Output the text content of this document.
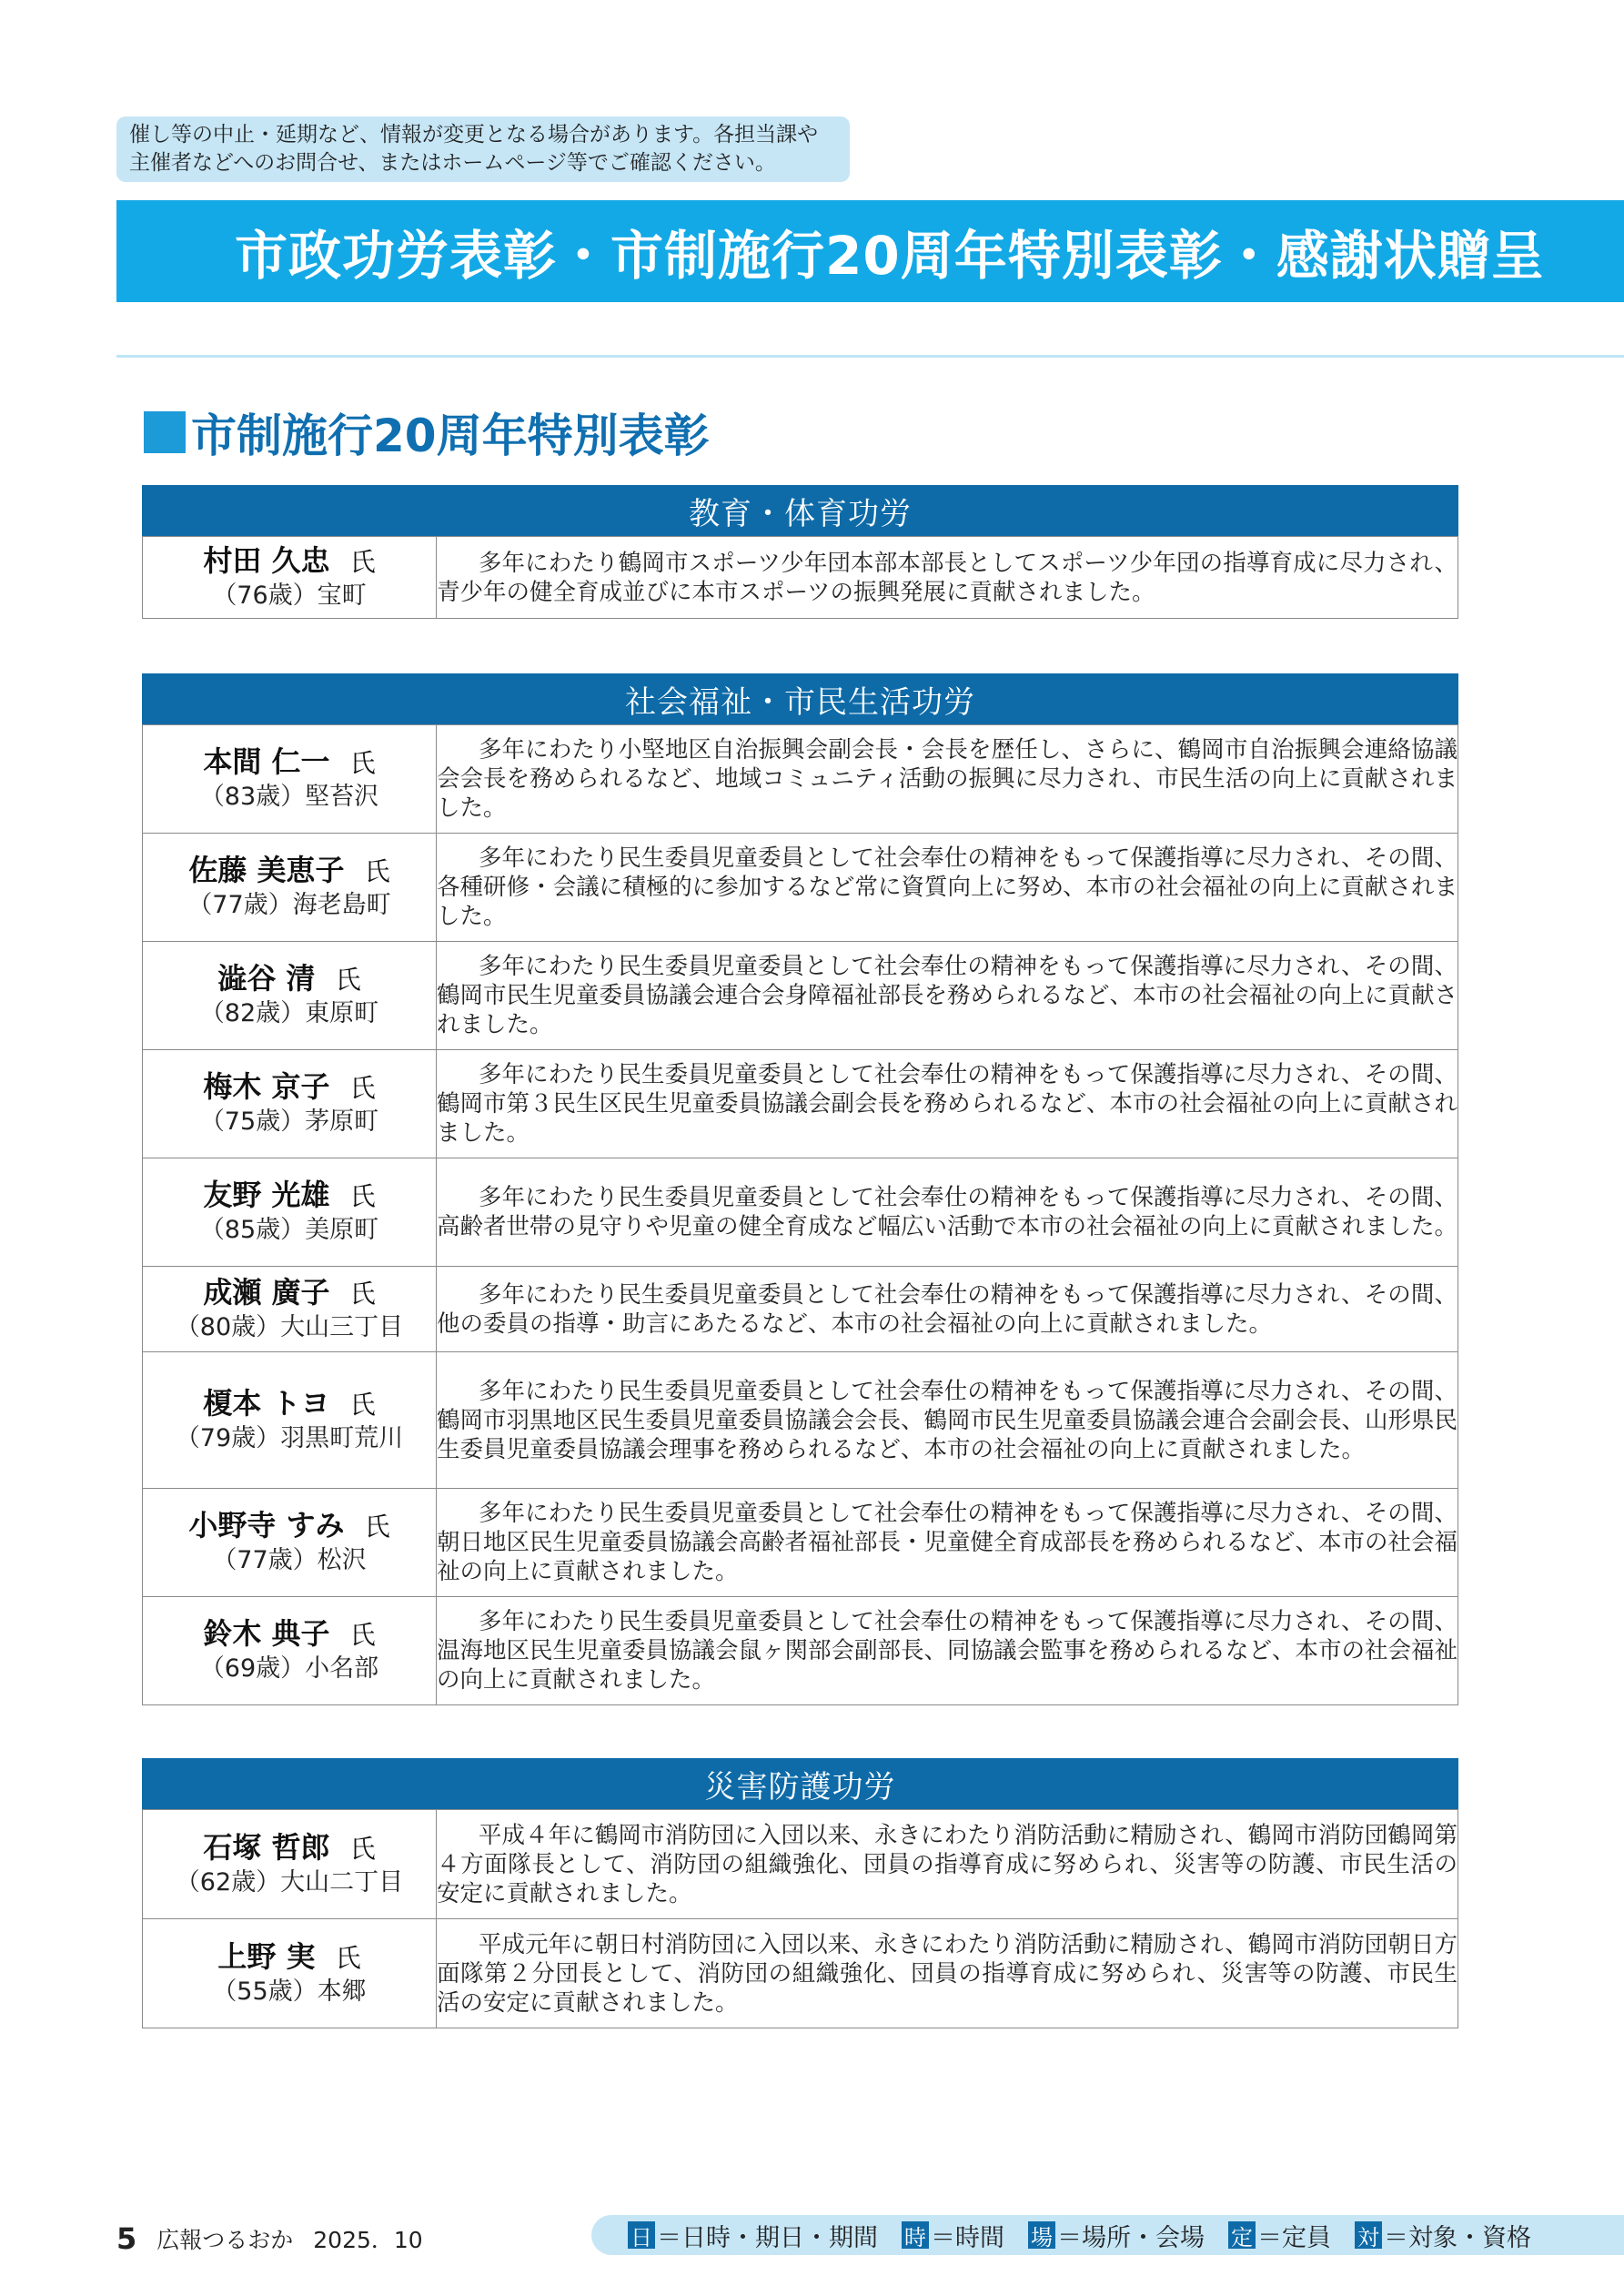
催し等の中止・延期など、情報が変更となる場合があります。各担当課や主催者などへのお問合せ、またはホームページ等でご確認ください。
市政功労表彰・市制施行20周年特別表彰・感謝状贈呈
市制施行20周年特別表彰
教育・体育功労
村田 久忠 氏
（76歳）宝町
	多年にわたり鶴岡市スポーツ少年団本部本部長としてスポーツ少年団の指導育成に尽力され、青少年の健全育成並びに本市スポーツの振興発展に貢献されました。
社会福祉・市民生活功労
本間 仁一 氏
（83歳）堅苔沢	多年にわたり小堅地区自治振興会副会長・会長を歴任し、さらに、鶴岡市自治振興会連絡協議会会長を務められるなど、地域コミュニティ活動の振興に尽力され、市民生活の向上に貢献されました。

佐藤 美恵子 氏
（77歳）海老島町	多年にわたり民生委員児童委員として社会奉仕の精神をもって保護指導に尽力され、その間、各種研修・会議に積極的に参加するなど常に資質向上に努め、本市の社会福祉の向上に貢献されました。

澁谷 清 氏
（82歳）東原町	多年にわたり民生委員児童委員として社会奉仕の精神をもって保護指導に尽力され、その間、鶴岡市民生児童委員協議会連合会身障福祉部長を務められるなど、本市の社会福祉の向上に貢献されました。

梅木 京子 氏
（75歳）茅原町	多年にわたり民生委員児童委員として社会奉仕の精神をもって保護指導に尽力され、その間、鶴岡市第３民生区民生児童委員協議会副会長を務められるなど、本市の社会福祉の向上に貢献されました。

友野 光雄 氏
（85歳）美原町	多年にわたり民生委員児童委員として社会奉仕の精神をもって保護指導に尽力され、その間、高齢者世帯の見守りや児童の健全育成など幅広い活動で本市の社会福祉の向上に貢献されました。

成瀬 廣子 氏
（80歳）大山三丁目	多年にわたり民生委員児童委員として社会奉仕の精神をもって保護指導に尽力され、その間、他の委員の指導・助言にあたるなど、本市の社会福祉の向上に貢献されました。

榎本 トヨ 氏
（79歳）羽黒町荒川	多年にわたり民生委員児童委員として社会奉仕の精神をもって保護指導に尽力され、その間、鶴岡市羽黒地区民生委員児童委員協議会会長、鶴岡市民生児童委員協議会連合会副会長、山形県民生委員児童委員協議会理事を務められるなど、本市の社会福祉の向上に貢献されました。

小野寺 すみ 氏
（77歳）松沢	多年にわたり民生委員児童委員として社会奉仕の精神をもって保護指導に尽力され、その間、朝日地区民生児童委員協議会高齢者福祉部長・児童健全育成部長を務められるなど、本市の社会福祉の向上に貢献されました。

鈴木 典子 氏
（69歳）小名部	多年にわたり民生委員児童委員として社会奉仕の精神をもって保護指導に尽力され、その間、温海地区民生児童委員協議会鼠ヶ関部会副部長、同協議会監事を務められるなど、本市の社会福祉の向上に貢献されました。
災害防護功労
石塚 哲郎 氏
（62歳）大山二丁目	平成４年に鶴岡市消防団に入団以来、永きにわたり消防活動に精励され、鶴岡市消防団鶴岡第４方面隊長として、消防団の組織強化、団員の指導育成に努められ、災害等の防護、市民生活の安定に貢献されました。

上野 実 氏
（55歳）本郷	平成元年に朝日村消防団に入団以来、永きにわたり消防活動に精励され、鶴岡市消防団朝日方面隊第２分団長として、消防団の組織強化、団員の指導育成に努められ、災害等の防護、市民生活の安定に貢献されました。
5 広報つるおか 2025．10	日 ＝日時・期日・期間 時 ＝時間 場 ＝場所・会場 定 ＝定員 対 ＝対象・資格
